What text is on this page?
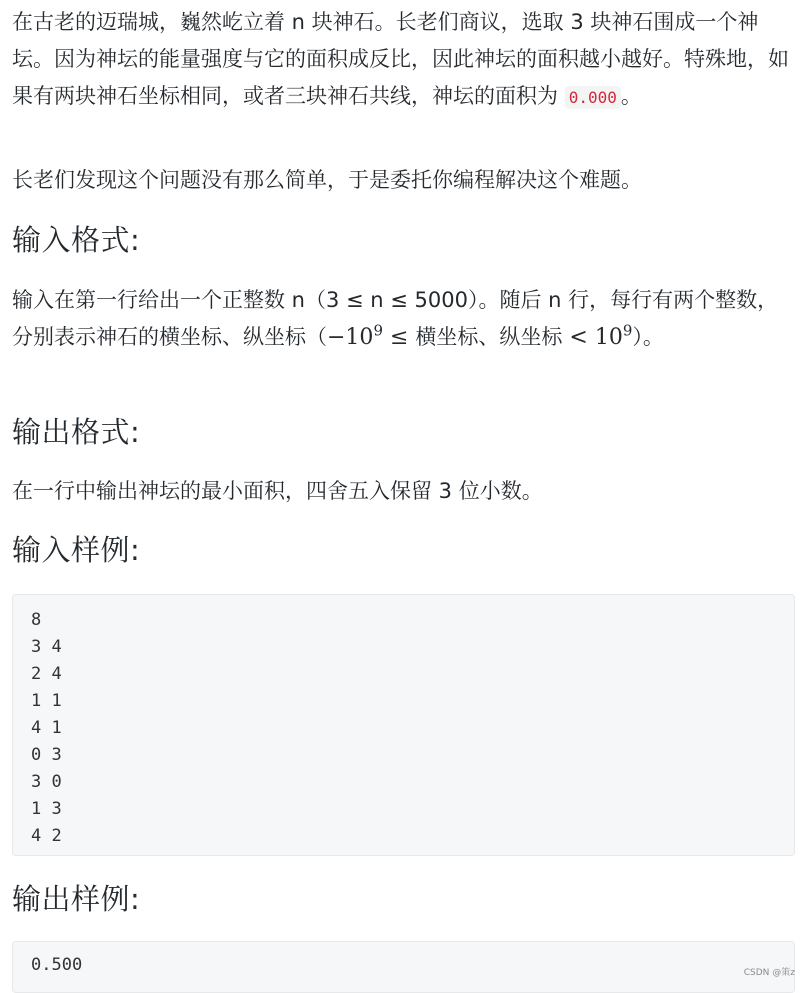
在古老的迈瑞城，巍然屹立着 n 块神石。长老们商议，选取 3 块神石围成一个神坛。因为神坛的能量强度与它的面积成反比，因此神坛的面积越小越好。特殊地，如果有两块神石坐标相同，或者三块神石共线，神坛的面积为 0.000 。

长老们发现这个问题没有那么简单，于是委托你编程解决这个难题。

输入格式:

输入在第一行给出一个正整数 n（3 ≤ n ≤ 5000）。随后 n 行，每行有两个整数，分别表示神石的横坐标、纵坐标（$-10^9$ ≤ 横坐标、纵坐标 < $10^9$）。

输出格式:

在一行中输出神坛的最小面积，四舍五入保留 3 位小数。

输入样例:
8
3 4
2 4
1 1
4 1
0 3
3 0
1 3
4 2
输出样例:
0.500	CSDN @策z
